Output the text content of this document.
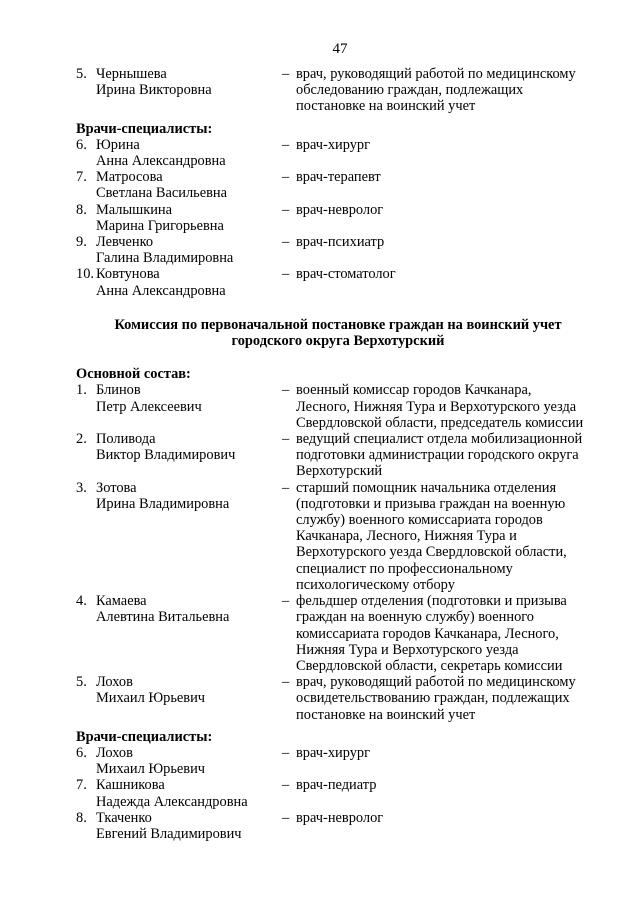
47
5. Чернышева
Ирина Викторовна
– врач, руководящий работой по медицинскому
обследованию граждан, подлежащих
постановке на воинский учет
Врачи-специалисты:
6. Юрина
Анна Александровна
– врач-хирург
7. Матросова
Светлана Васильевна
– врач-терапевт
8. Малышкина
Марина Григорьевна
– врач-невролог
9. Левченко
Галина Владимировна
– врач-психиатр
10. Ковтунова
Анна Александровна
– врач-стоматолог
Комиссия по первоначальной постановке граждан на воинский учет
городского округа Верхотурский
Основной состав:
1. Блинов
Петр Алексеевич
– военный комиссар городов Качканара,
Лесного, Нижняя Тура и Верхотурского уезда
Свердловской области, председатель комиссии
2. Поливода
Виктор Владимирович
– ведущий специалист отдела мобилизационной
подготовки администрации городского округа
Верхотурский
3. Зотова
Ирина Владимировна
– старший помощник начальника отделения
(подготовки и призыва граждан на военную
службу) военного комиссариата городов
Качканара, Лесного, Нижняя Тура и
Верхотурского уезда Свердловской области,
специалист по профессиональному
психологическому отбору
4. Камаева
Алевтина Витальевна
– фельдшер отделения (подготовки и призыва
граждан на военную службу) военного
комиссариата городов Качканара, Лесного,
Нижняя Тура и Верхотурского уезда
Свердловской области, секретарь комиссии
5. Лохов
Михаил Юрьевич
– врач, руководящий работой по медицинскому
освидетельствованию граждан, подлежащих
постановке на воинский учет
Врачи-специалисты:
6. Лохов
Михаил Юрьевич
– врач-хирург
7. Кашникова
Надежда Александровна
– врач-педиатр
8. Ткаченко
Евгений Владимирович
– врач-невролог
